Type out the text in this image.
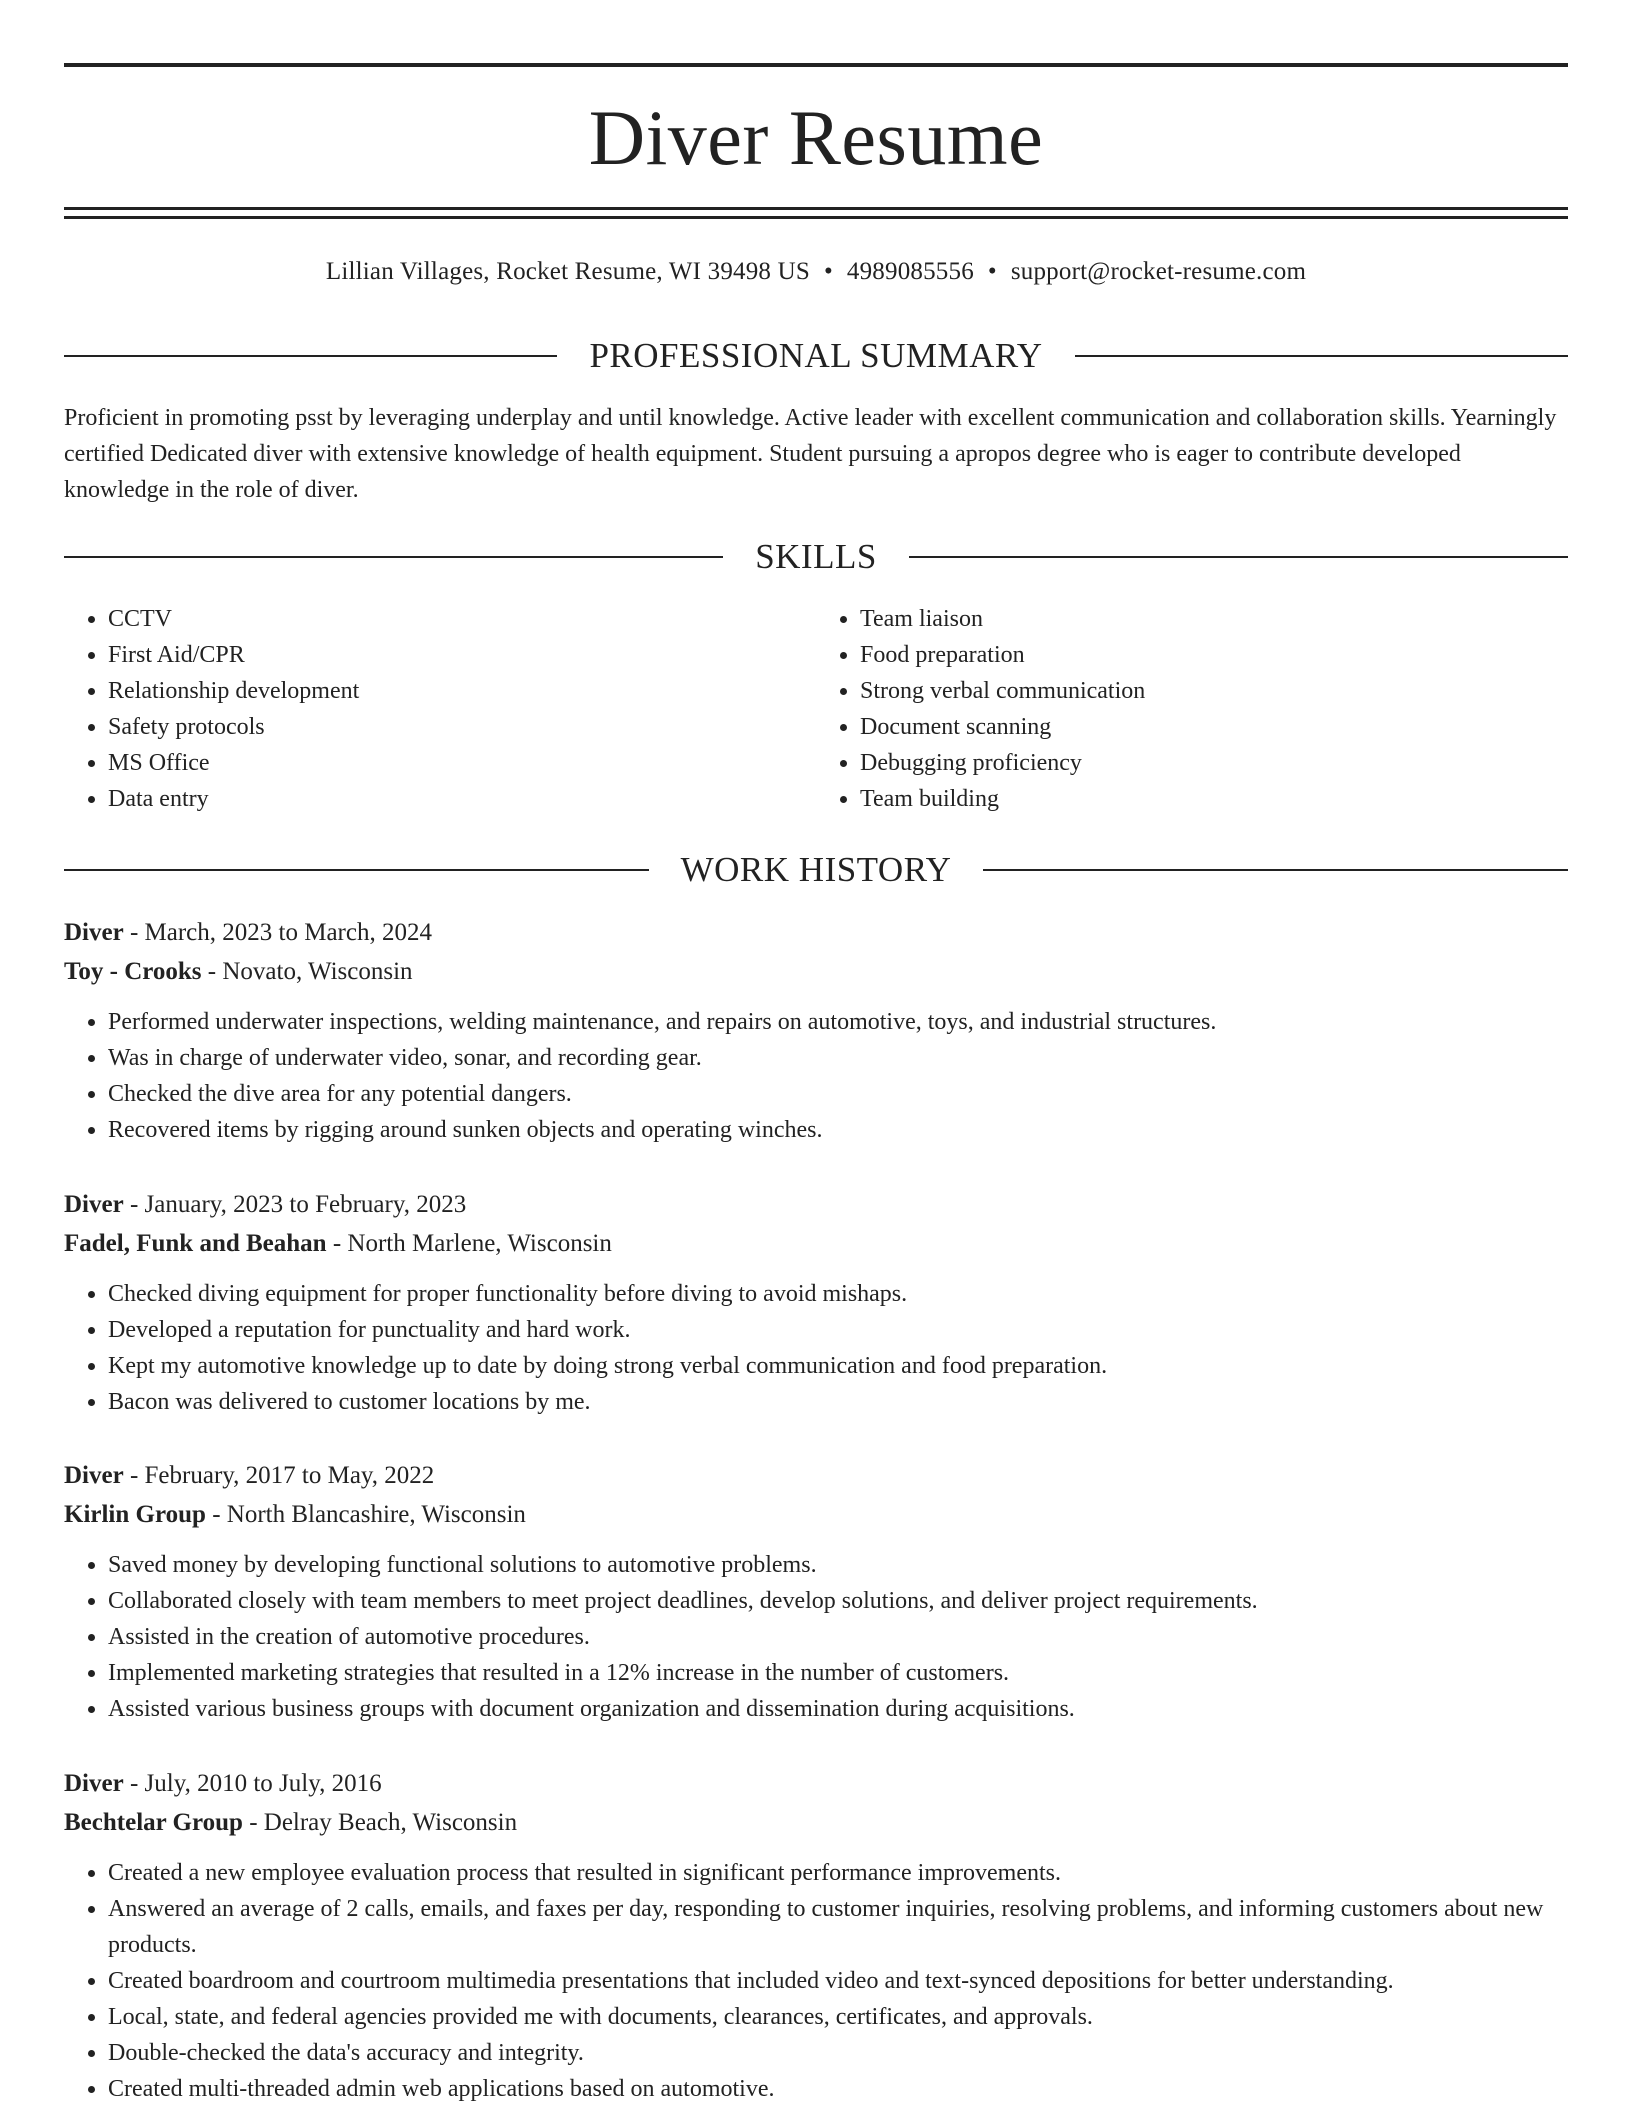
Diver Resume
Lillian Villages, Rocket Resume, WI 39498 US • 4989085556 • support@rocket-resume.com
PROFESSIONAL SUMMARY

Proficient in promoting psst by leveraging underplay and until knowledge. Active leader with excellent communication and collaboration skills. Yearningly certified Dedicated diver with extensive knowledge of health equipment. Student pursuing a apropos degree who is eager to contribute developed knowledge in the role of diver.

SKILLS
• CCTV
• First Aid/CPR
• Relationship development
• Safety protocols
• MS Office
• Data entry
• Team liaison
• Food preparation
• Strong verbal communication
• Document scanning
• Debugging proficiency
• Team building
WORK HISTORY

Diver - March, 2023 to March, 2024

Toy - Crooks - Novato, Wisconsin

• Performed underwater inspections, welding maintenance, and repairs on automotive, toys, and industrial structures.
• Was in charge of underwater video, sonar, and recording gear.
• Checked the dive area for any potential dangers.
• Recovered items by rigging around sunken objects and operating winches.

Diver - January, 2023 to February, 2023

Fadel, Funk and Beahan - North Marlene, Wisconsin

• Checked diving equipment for proper functionality before diving to avoid mishaps.
• Developed a reputation for punctuality and hard work.
• Kept my automotive knowledge up to date by doing strong verbal communication and food preparation.
• Bacon was delivered to customer locations by me.

Diver - February, 2017 to May, 2022

Kirlin Group - North Blancashire, Wisconsin

• Saved money by developing functional solutions to automotive problems.
• Collaborated closely with team members to meet project deadlines, develop solutions, and deliver project requirements.
• Assisted in the creation of automotive procedures.
• Implemented marketing strategies that resulted in a 12% increase in the number of customers.
• Assisted various business groups with document organization and dissemination during acquisitions.

Diver - July, 2010 to July, 2016

Bechtelar Group - Delray Beach, Wisconsin

• Created a new employee evaluation process that resulted in significant performance improvements.
• Answered an average of 2 calls, emails, and faxes per day, responding to customer inquiries, resolving problems, and informing customers about new products.
• Created boardroom and courtroom multimedia presentations that included video and text-synced depositions for better understanding.
• Local, state, and federal agencies provided me with documents, clearances, certificates, and approvals.
• Double-checked the data's accuracy and integrity.
• Created multi-threaded admin web applications based on automotive.
